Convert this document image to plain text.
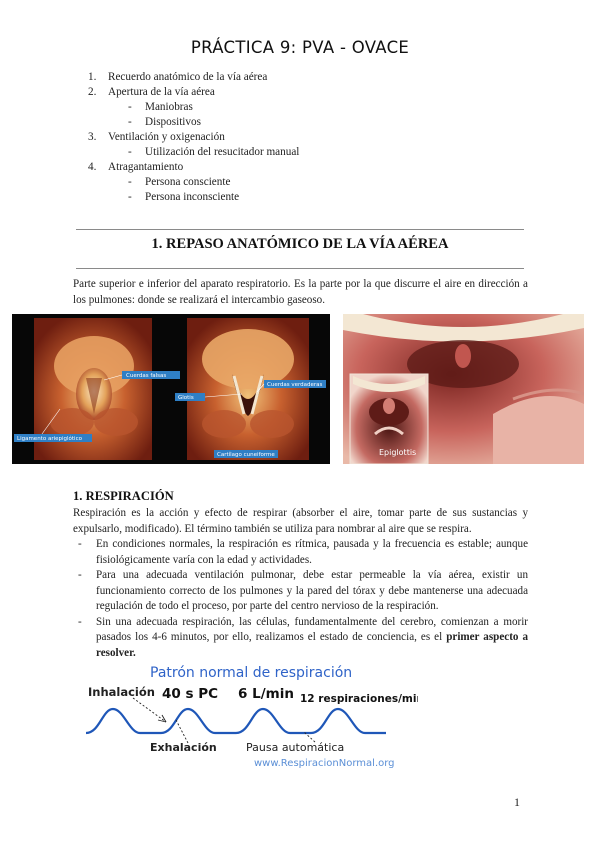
PRÁCTICA 9: PVA - OVACE
1. Recuerdo anatómico de la vía aérea
2. Apertura de la vía aérea
- Maniobras
- Dispositivos
3. Ventilación y oxigenación
- Utilización del resucitador manual
4. Atragantamiento
- Persona consciente
- Persona inconsciente
1. REPASO ANATÓMICO DE LA VÍA AÉREA
Parte superior e inferior del aparato respiratorio. Es la parte por la que discurre el aire en dirección a los pulmones: donde se realizará el intercambio gaseoso.
Cuerdas falsas
Cuerdas verdaderas
Glotis
Ligamento ariepiglótico
Cartílago cuneiforme	Epiglottis
1. RESPIRACIÓN
Respiración es la acción y efecto de respirar (absorber el aire, tomar parte de sus sustancias y expulsarlo, modificado). El término también se utiliza para nombrar al aire que se respira.
- En condiciones normales, la respiración es rítmica, pausada y la frecuencia es estable; aunque fisiológicamente varía con la edad y actividades.
- Para una adecuada ventilación pulmonar, debe estar permeable la vía aérea, existir un funcionamiento correcto de los pulmones y la pared del tórax y debe mantenerse una adecuada regulación de todo el proceso, por parte del centro nervioso de la respiración.
- Sin una adecuada respiración, las células, fundamentalmente del cerebro, comienzan a morir pasados los 4-6 minutos, por ello, realizamos el estado de conciencia, es el primer aspecto a resolver.
Patrón normal de respiración
Inhalación 40 s PC 6 L/min 12 respiraciones/min
Exhalación	Pausa automática
www.RespiracionNormal.org
1
